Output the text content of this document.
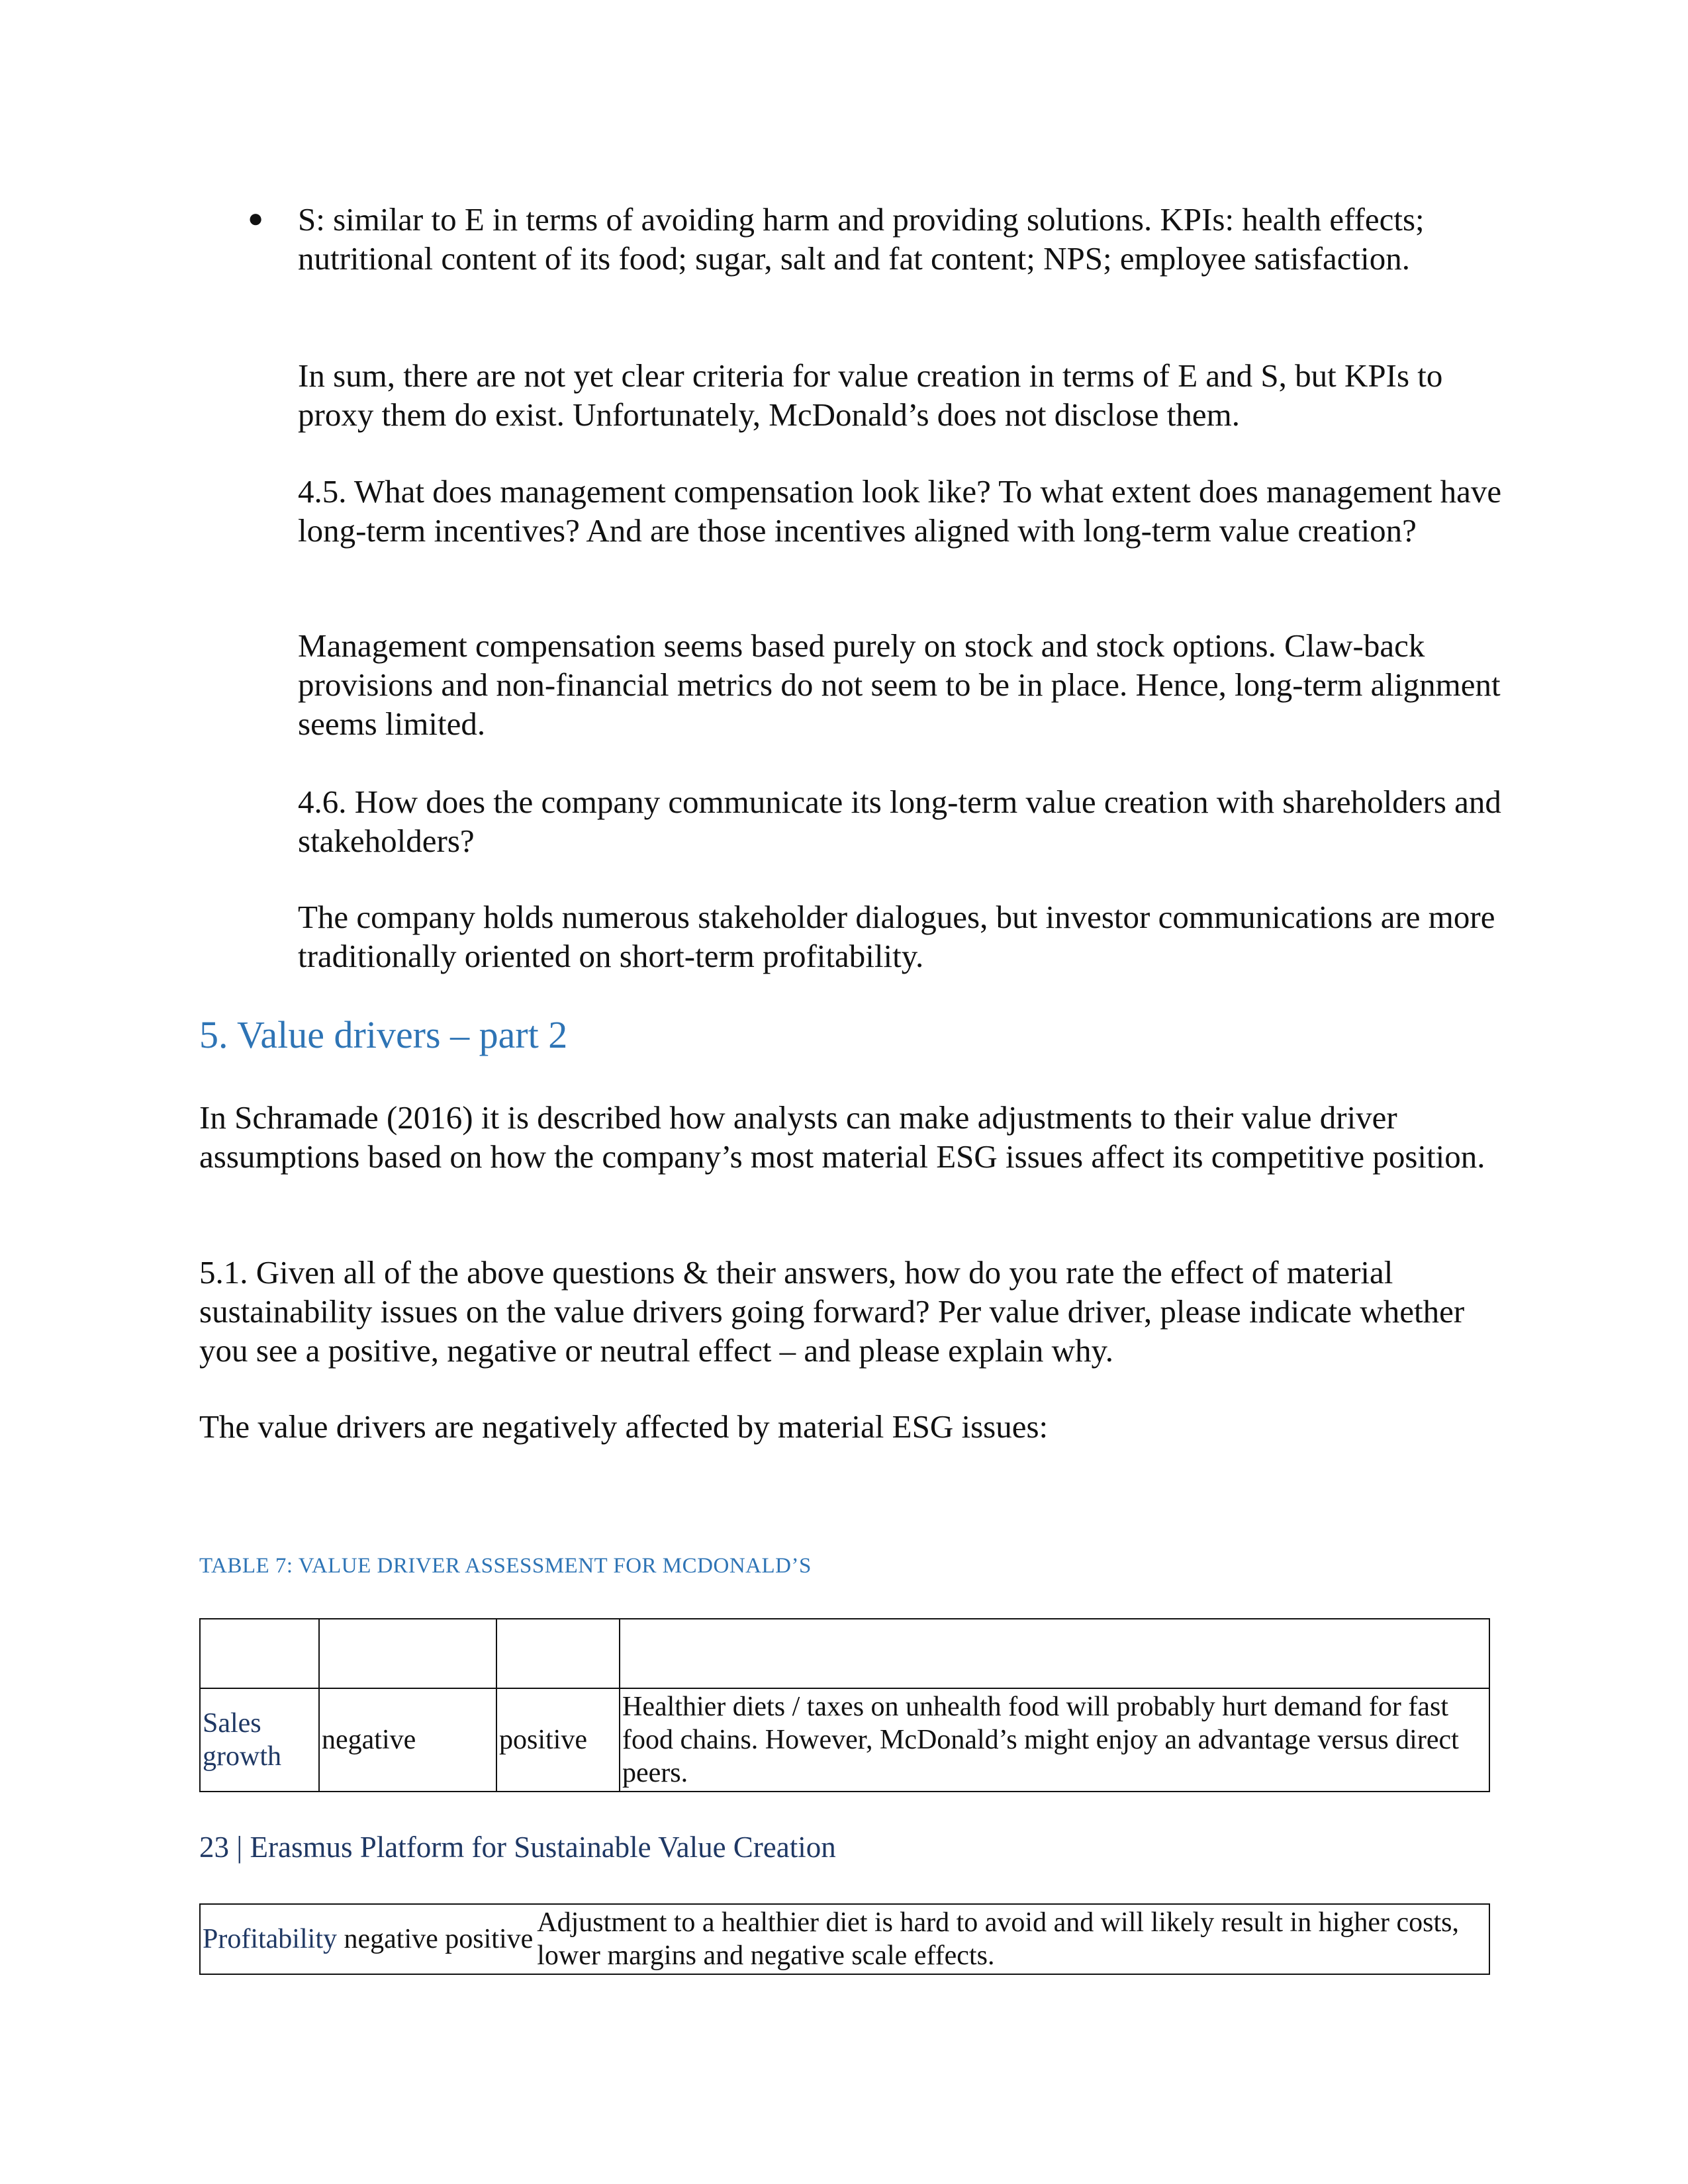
● S: similar to E in terms of avoiding harm and providing solutions. KPIs: health effects; nutritional content of its food; sugar, salt and fat content; NPS; employee satisfaction.

In sum, there are not yet clear criteria for value creation in terms of E and S, but KPIs to proxy them do exist. Unfortunately, McDonald’s does not disclose them.

4.5. What does management compensation look like? To what extent does management have long-term incentives? And are those incentives aligned with long-term value creation?

Management compensation seems based purely on stock and stock options. Claw-back provisions and non-financial metrics do not seem to be in place. Hence, long-term alignment seems limited.

4.6. How does the company communicate its long-term value creation with shareholders and stakeholders?

The company holds numerous stakeholder dialogues, but investor communications are more traditionally oriented on short-term profitability.

5. Value drivers – part 2

In Schramade (2016) it is described how analysts can make adjustments to their value driver assumptions based on how the company’s most material ESG issues affect its competitive position.

5.1. Given all of the above questions & their answers, how do you rate the effect of material sustainability issues on the value drivers going forward? Per value driver, please indicate whether you see a positive, negative or neutral effect – and please explain why.

The value drivers are negatively affected by material ESG issues:

TABLE 7: VALUE DRIVER ASSESSMENT FOR MCDONALD’S

Sales growth	negative	positive	Healthier diets / taxes on unhealth food will probably hurt demand for fast food chains. However, McDonald’s might enjoy an advantage versus direct peers.
23 | Erasmus Platform for Sustainable Value Creation
Profitability negative positive	Adjustment to a healthier diet is hard to avoid and will likely result in higher costs, lower margins and negative scale effects.
